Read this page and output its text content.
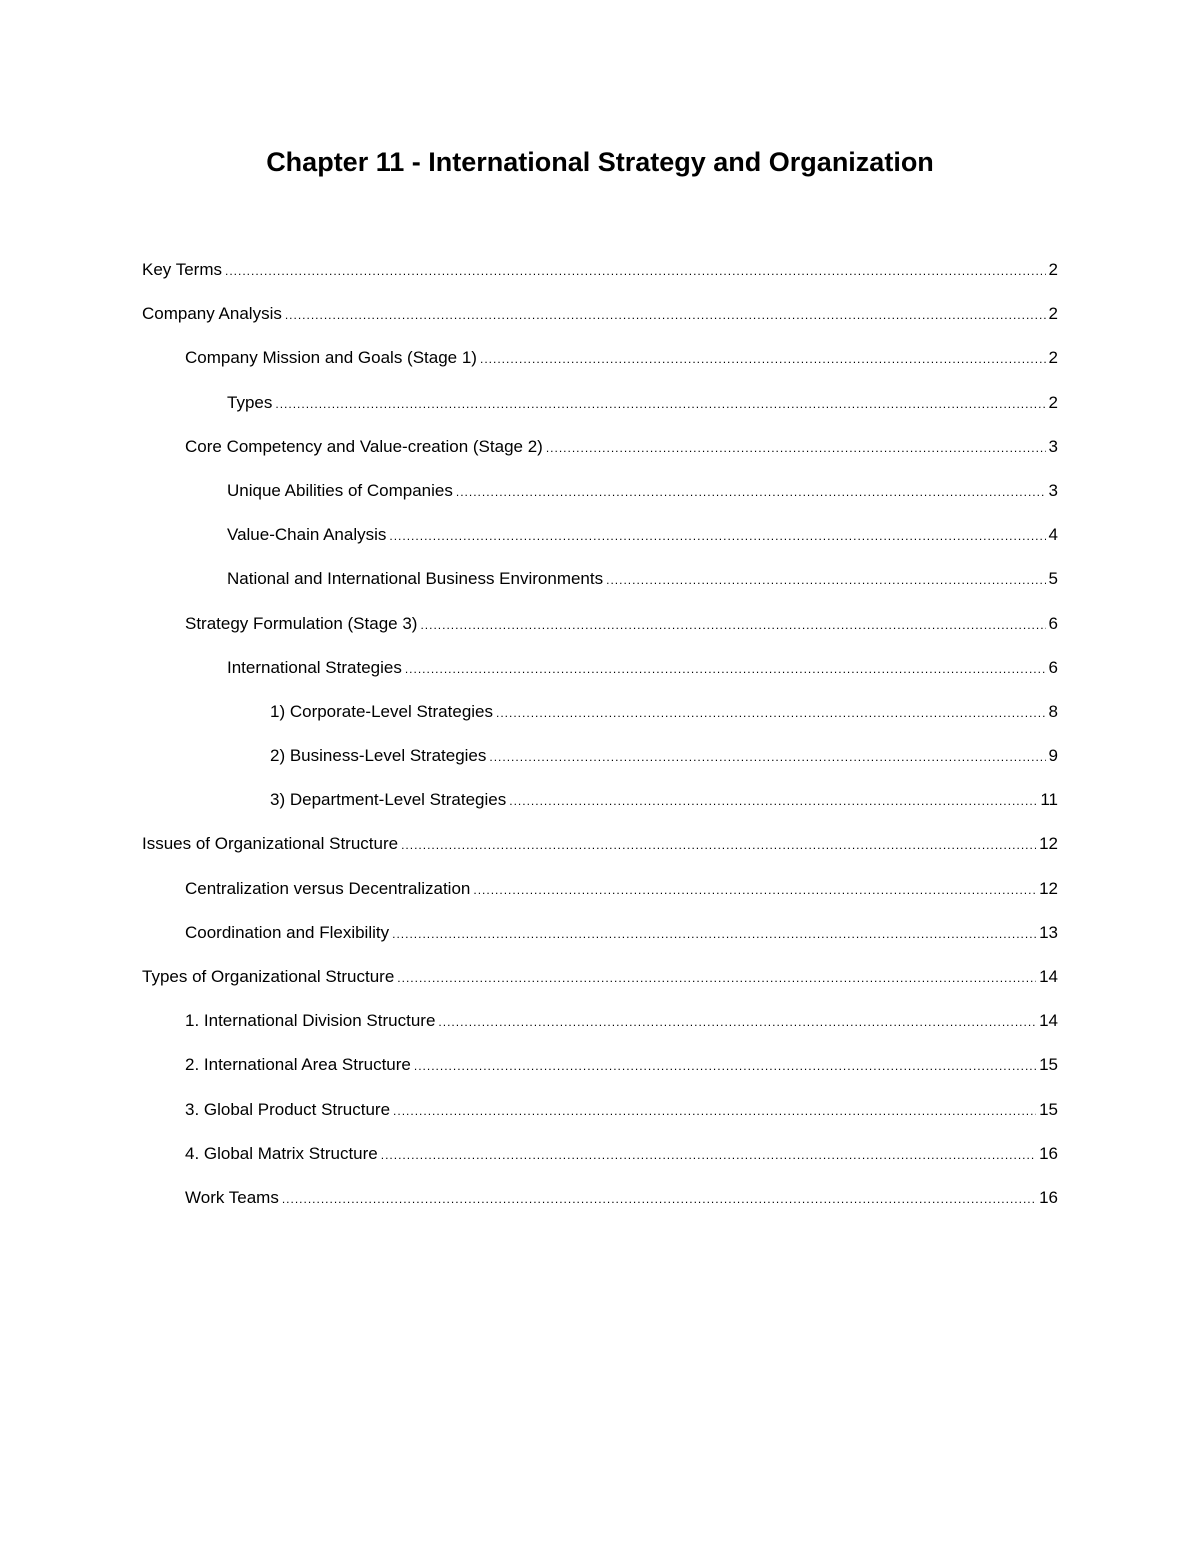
Chapter 11 - International Strategy and Organization
Key Terms .....	2
Company Analysis .....	2
Company Mission and Goals (Stage 1) .....	2
Types .....	2
Core Competency and Value-creation (Stage 2) .....	3
Unique Abilities of Companies .....	3
Value-Chain Analysis .....	4
National and International Business Environments .....	5
Strategy Formulation (Stage 3) .....	6
International Strategies .....	6
1) Corporate-Level Strategies .....	8
2) Business-Level Strategies .....	9
3) Department-Level Strategies .....	11
Issues of Organizational Structure .....	12
Centralization versus Decentralization .....	12
Coordination and Flexibility .....	13
Types of Organizational Structure .....	14
1. International Division Structure .....	14
2. International Area Structure .....	15
3. Global Product Structure .....	15
4. Global Matrix Structure .....	16
Work Teams .....	16
